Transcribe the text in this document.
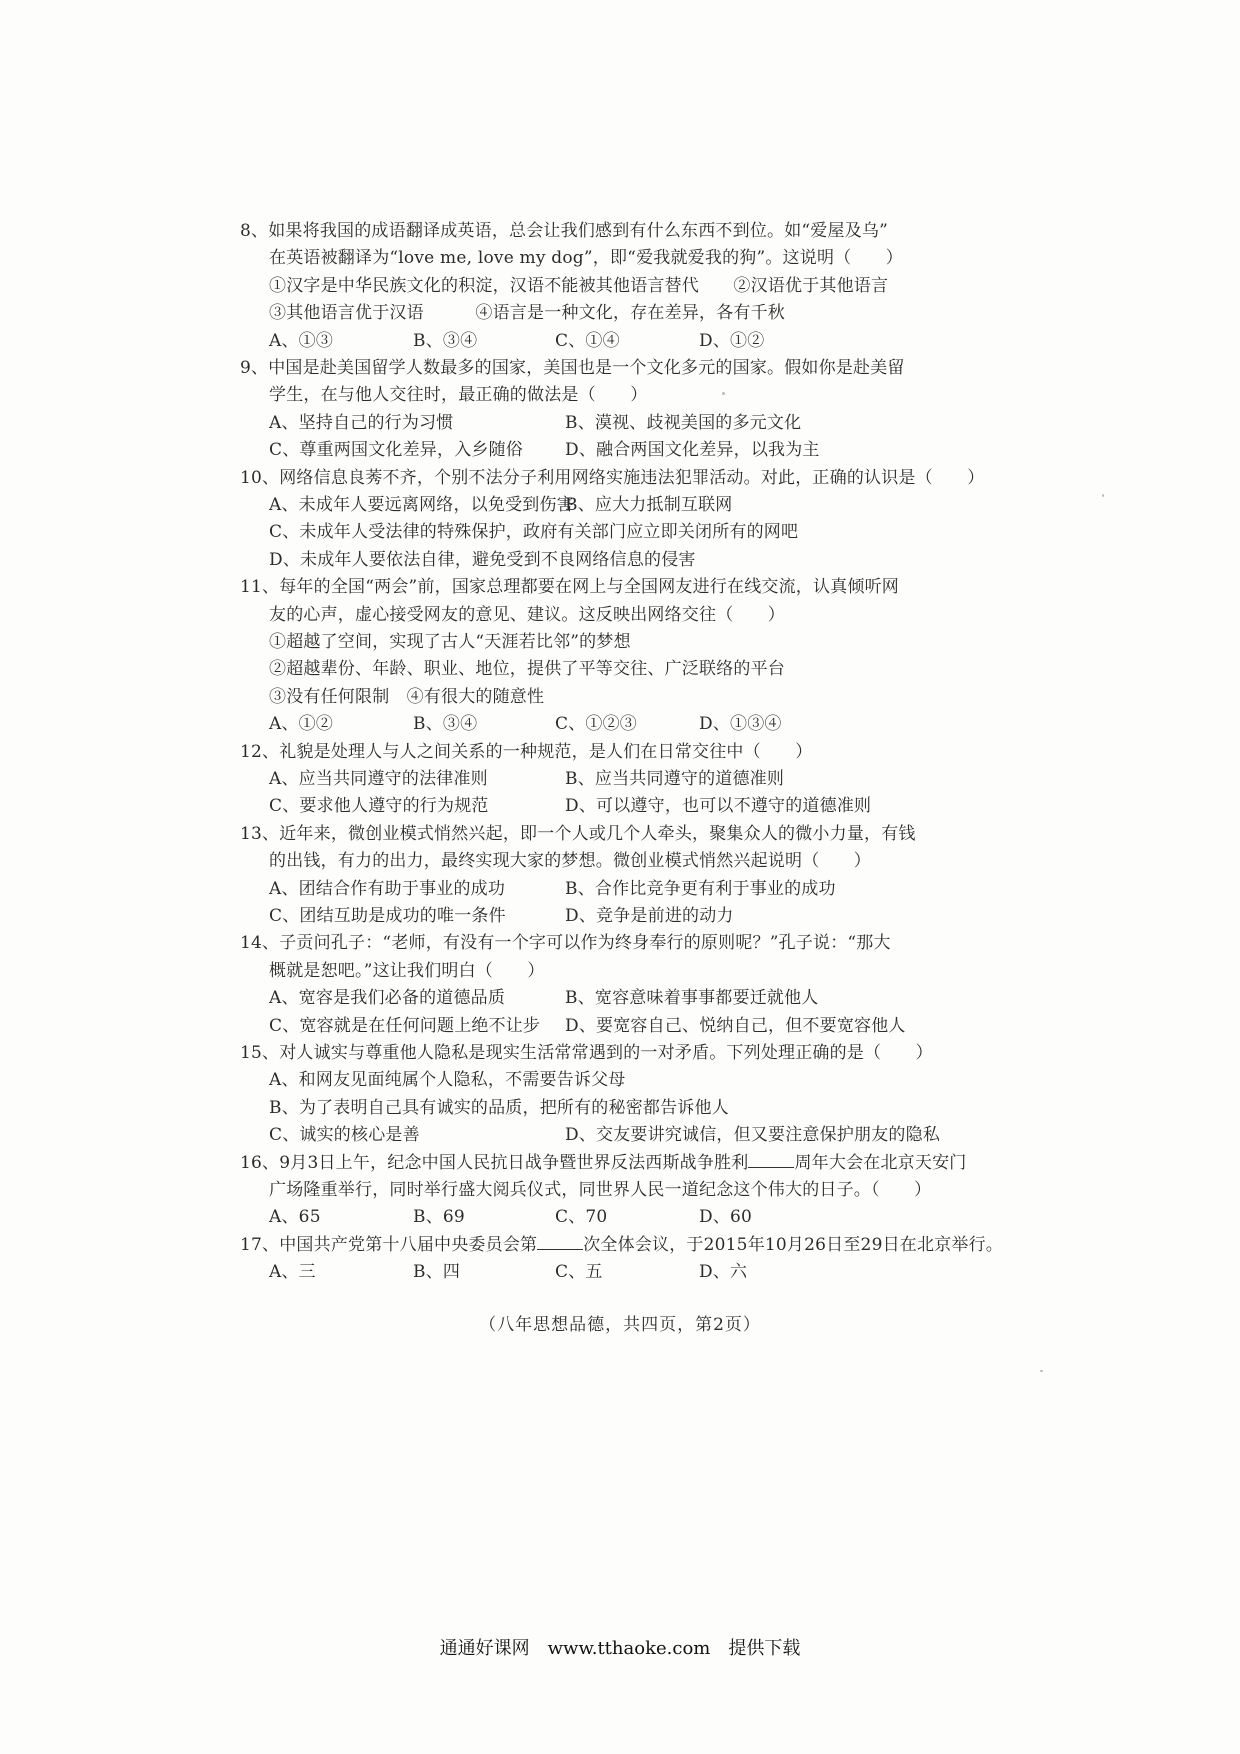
8、如果将我国的成语翻译成英语，总会让我们感到有什么东西不到位。如“爱屋及乌”
在英语被翻译为“love me, love my dog”，即“爱我就爱我的狗”。这说明（　　）
①汉字是中华民族文化的积淀，汉语不能被其他语言替代　　②汉语优于其他语言
③其他语言优于汉语　　　④语言是一种文化，存在差异，各有千秋
A、①③	B、③④	C、①④	D、①②
9、中国是赴美国留学人数最多的国家，美国也是一个文化多元的国家。假如你是赴美留
学生，在与他人交往时，最正确的做法是（　　）
A、坚持自己的行为习惯	B、漠视、歧视美国的多元文化
C、尊重两国文化差异，入乡随俗 D、融合两国文化差异，以我为主
10、网络信息良莠不齐，个别不法分子利用网络实施违法犯罪活动。对此，正确的认识是（　　）
A、未成年人要远离网络，以免受到伤害
B、应大力抵制互联网
C、未成年人受法律的特殊保护，政府有关部门应立即关闭所有的网吧
D、未成年人要依法自律，避免受到不良网络信息的侵害
11、每年的全国“两会”前，国家总理都要在网上与全国网友进行在线交流，认真倾听网
友的心声，虚心接受网友的意见、建议。这反映出网络交往（　　）
①超越了空间，实现了古人“天涯若比邻”的梦想
②超越辈份、年龄、职业、地位，提供了平等交往、广泛联络的平台
③没有任何限制　④有很大的随意性
A、①②	B、③④	C、①②③	D、①③④
12、礼貌是处理人与人之间关系的一种规范，是人们在日常交往中（　　）
A、应当共同遵守的法律准则	B、应当共同遵守的道德准则
C、要求他人遵守的行为规范	D、可以遵守，也可以不遵守的道德准则
13、近年来，微创业模式悄然兴起，即一个人或几个人牵头，聚集众人的微小力量，有钱
的出钱，有力的出力，最终实现大家的梦想。微创业模式悄然兴起说明（　　）
A、团结合作有助于事业的成功	B、合作比竞争更有利于事业的成功
C、团结互助是成功的唯一条件	D、竞争是前进的动力
14、子贡问孔子：“老师，有没有一个字可以作为终身奉行的原则呢？”孔子说：“那大
概就是恕吧。”这让我们明白（　　）
A、宽容是我们必备的道德品质	B、宽容意味着事事都要迁就他人
C、宽容就是在任何问题上绝不让步 D、要宽容自己、悦纳自己，但不要宽容他人
15、对人诚实与尊重他人隐私是现实生活常常遇到的一对矛盾。下列处理正确的是（　　）
A、和网友见面纯属个人隐私，不需要告诉父母
B、为了表明自己具有诚实的品质，把所有的秘密都告诉他人
C、诚实的核心是善	D、交友要讲究诚信，但又要注意保护朋友的隐私
16、9月3日上午，纪念中国人民抗日战争暨世界反法西斯战争胜利	周年大会在北京天安门
广场隆重举行，同时举行盛大阅兵仪式，同世界人民一道纪念这个伟大的日子。（　　）
A、65	B、69	C、70	D、60
17、中国共产党第十八届中央委员会第	次全体会议，于2015年10月26日至29日在北京举行。
A、三	B、四	C、五	D、六
（八年思想品德，共四页，第2页）
通通好课网　www.tthaoke.com　提供下载
